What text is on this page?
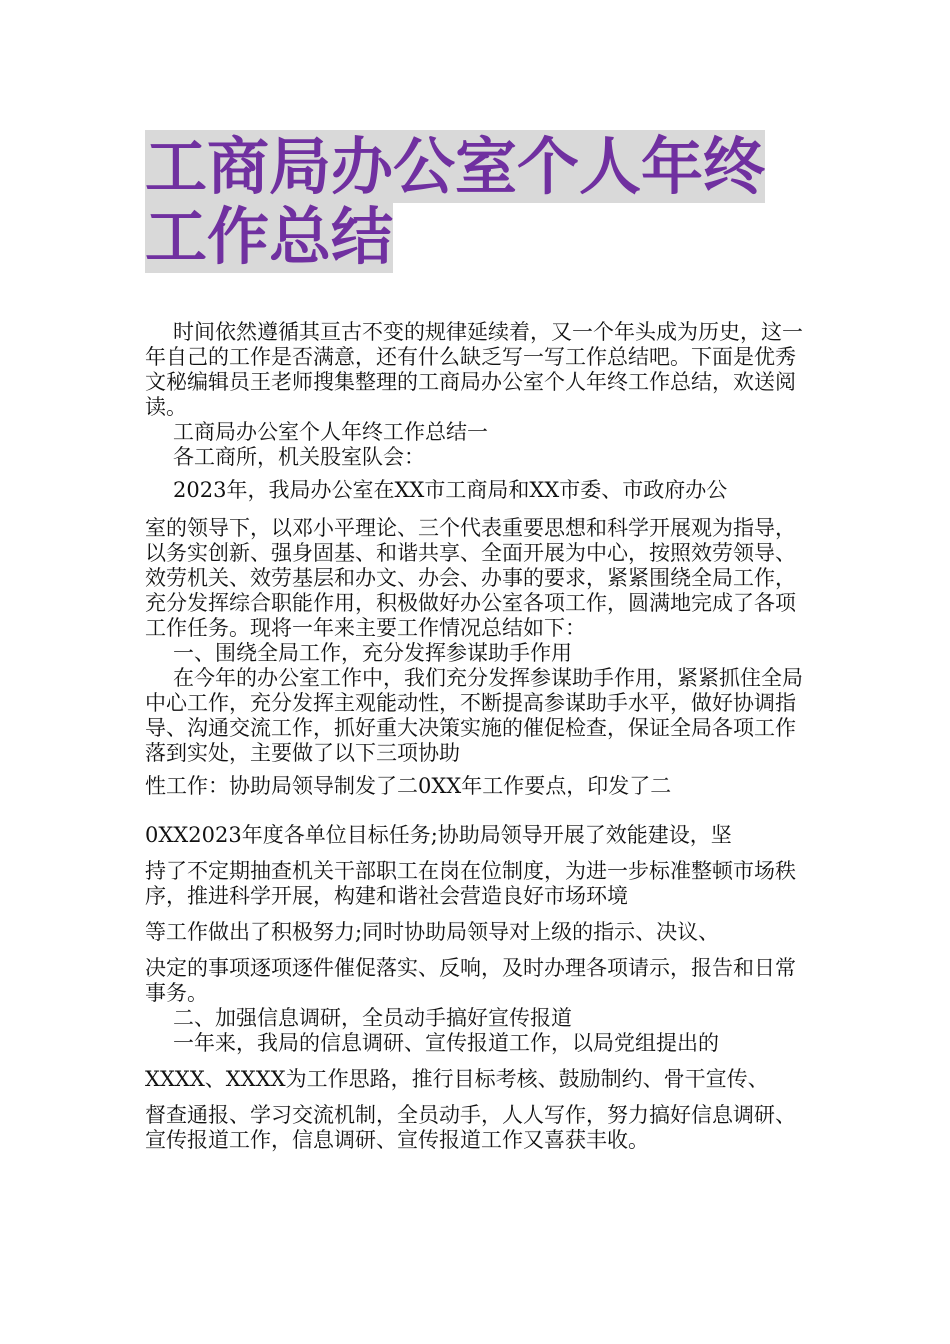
工商局办公室个人年终工作总结

时间依然遵循其亘古不变的规律延续着，又一个年头成为历史，这一年自己的工作是否满意，还有什么缺乏写一写工作总结吧。下面是优秀文秘编辑员王老师搜集整理的工商局办公室个人年终工作总结，欢送阅读。

工商局办公室个人年终工作总结一

各工商所，机关股室队会：

2023年，我局办公室在XX市工商局和XX市委、市政府办公

室的领导下，以邓小平理论、三个代表重要思想和科学开展观为指导，以务实创新、强身固基、和谐共享、全面开展为中心，按照效劳领导、效劳机关、效劳基层和办文、办会、办事的要求，紧紧围绕全局工作，充分发挥综合职能作用，积极做好办公室各项工作，圆满地完成了各项工作任务。现将一年来主要工作情况总结如下：

一、围绕全局工作，充分发挥参谋助手作用

在今年的办公室工作中，我们充分发挥参谋助手作用，紧紧抓住全局中心工作，充分发挥主观能动性，不断提高参谋助手水平，做好协调指导、沟通交流工作，抓好重大决策实施的催促检查，保证全局各项工作落到实处，主要做了以下三项协助

性工作：协助局领导制发了二0XX年工作要点，印发了二

0XX2023年度各单位目标任务;协助局领导开展了效能建设，坚

持了不定期抽查机关干部职工在岗在位制度，为进一步标准整顿市场秩序，推进科学开展，构建和谐社会营造良好市场环境

等工作做出了积极努力;同时协助局领导对上级的指示、决议、

决定的事项逐项逐件催促落实、反响，及时办理各项请示，报告和日常事务。

二、加强信息调研，全员动手搞好宣传报道

一年来，我局的信息调研、宣传报道工作，以局党组提出的

XXXX、XXXX为工作思路，推行目标考核、鼓励制约、骨干宣传、

督查通报、学习交流机制，全员动手，人人写作，努力搞好信息调研、宣传报道工作，信息调研、宣传报道工作又喜获丰收。
